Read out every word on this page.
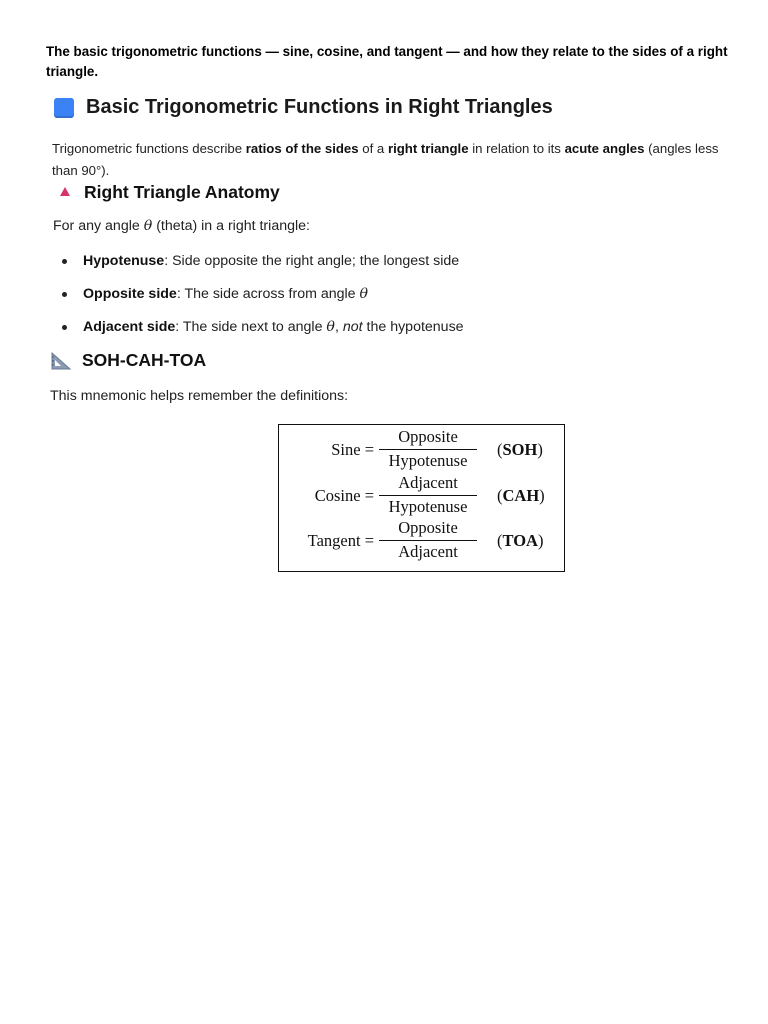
The basic trigonometric functions — sine, cosine, and tangent — and how they relate to the sides of a right triangle.
Basic Trigonometric Functions in Right Triangles
Trigonometric functions describe ratios of the sides of a right triangle in relation to its acute angles (angles less than 90°).
Right Triangle Anatomy
For any angle θ (theta) in a right triangle:
Hypotenuse: Side opposite the right angle; the longest side
Opposite side: The side across from angle θ
Adjacent side: The side next to angle θ, not the hypotenuse
SOH-CAH-TOA
This mnemonic helps remember the definitions:
Sine =
Opposite
Hypotenuse
(SOH)
Cosine =
Adjacent
Hypotenuse
(CAH)
Tangent =
Opposite
Adjacent
(TOA)
